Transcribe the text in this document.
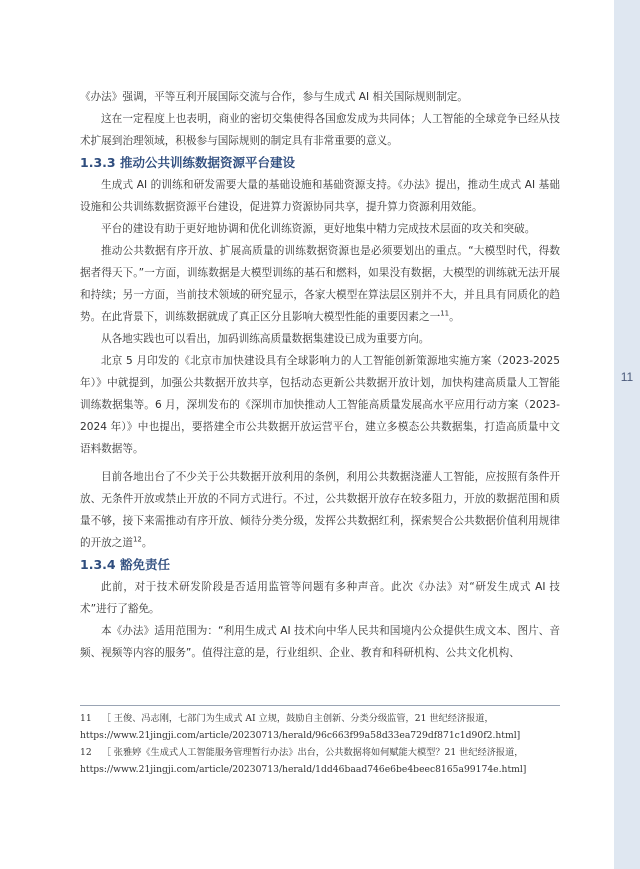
11

《办法》强调，平等互利开展国际交流与合作，参与生成式 AI 相关国际规则制定。

这在一定程度上也表明，商业的密切交集使得各国愈发成为共同体；人工智能的全球竞争已经从技术扩展到治理领域，积极参与国际规则的制定具有非常重要的意义。

1.3.3 推动公共训练数据资源平台建设

生成式 AI 的训练和研发需要大量的基础设施和基础资源支持。《办法》提出，推动生成式 AI 基础设施和公共训练数据资源平台建设，促进算力资源协同共享，提升算力资源利用效能。

平台的建设有助于更好地协调和优化训练资源，更好地集中精力完成技术层面的攻关和突破。

推动公共数据有序开放、扩展高质量的训练数据资源也是必须要划出的重点。“大模型时代，得数据者得天下。”一方面，训练数据是大模型训练的基石和燃料，如果没有数据，大模型的训练就无法开展和持续；另一方面，当前技术领域的研究显示，各家大模型在算法层区别并不大，并且具有同质化的趋势。在此背景下，训练数据就成了真正区分且影响大模型性能的重要因素之一$^{11}$。

从各地实践也可以看出，加码训练高质量数据集建设已成为重要方向。

北京 5 月印发的《北京市加快建设具有全球影响力的人工智能创新策源地实施方案（2023-2025 年）》中就提到，加强公共数据开放共享，包括动态更新公共数据开放计划，加快构建高质量人工智能训练数据集等。6 月，深圳发布的《深圳市加快推动人工智能高质量发展高水平应用行动方案（2023-2024 年）》中也提出，要搭建全市公共数据开放运营平台，建立多模态公共数据集，打造高质量中文语料数据等。

目前各地出台了不少关于公共数据开放利用的条例，利用公共数据浇灌人工智能，应按照有条件开放、无条件开放或禁止开放的不同方式进行。不过，公共数据开放存在较多阻力，开放的数据范围和质量不够，接下来需推动有序开放、倾待分类分级，发挥公共数据红利，探索契合公共数据价值利用规律的开放之道$^{12}$。

1.3.4 豁免责任

此前，对于技术研发阶段是否适用监管等问题有多种声音。此次《办法》对“研发生成式 AI 技术”进行了豁免。

本《办法》适用范围为：“利用生成式 AI 技术向中华人民共和国境内公众提供生成文本、图片、音频、视频等内容的服务”。值得注意的是，行业组织、企业、教育和科研机构、公共文化机构、

11 ［ 王俊、冯志刚，七部门为生成式 AI 立规，鼓励自主创新、分类分级监管，21 世纪经济报道，https://www.21jingji.com/article/20230713/herald/96c663f99a58d33ea729df871c1d90f2.html]
12 ［ 张雅婷《生成式人工智能服务管理暂行办法》出台，公共数据将如何赋能大模型？21 世纪经济报道，https://www.21jingji.com/article/20230713/herald/1dd46baad746e6be4beec8165a99174e.html]
